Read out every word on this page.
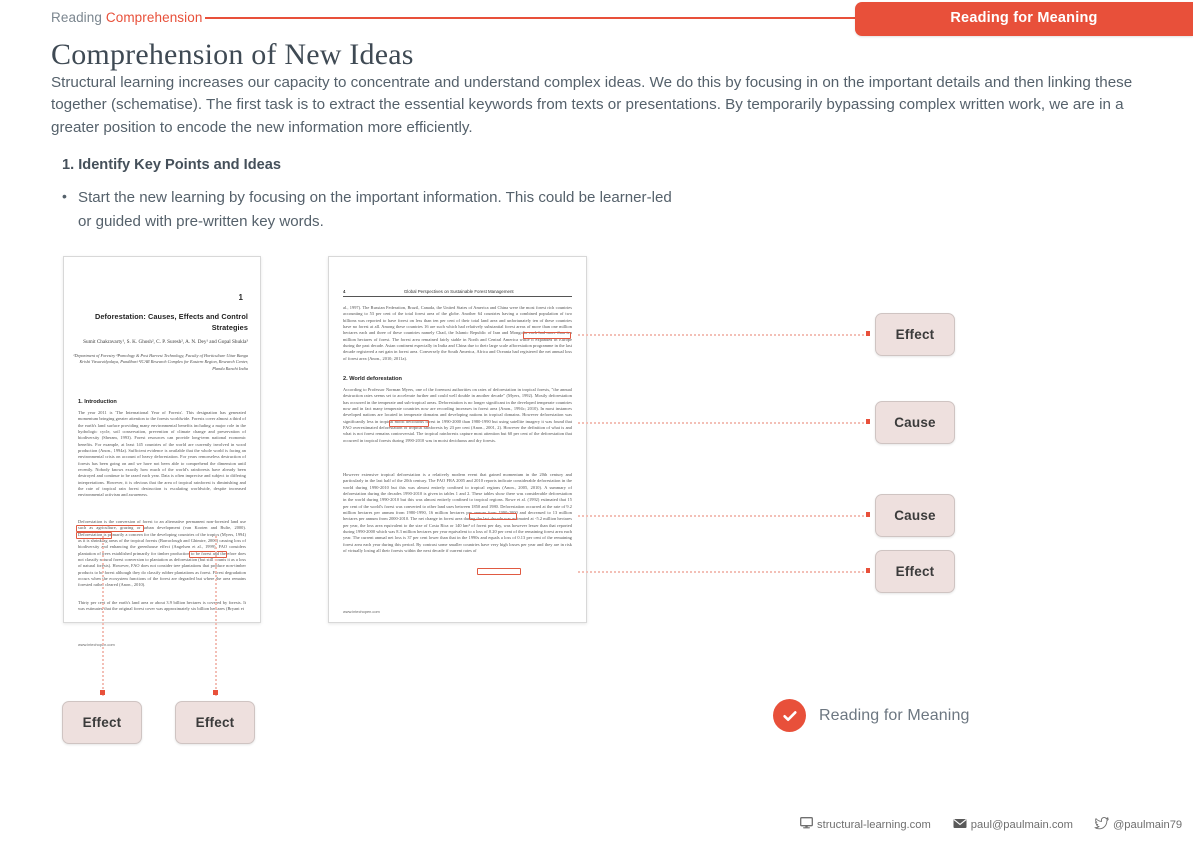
Reading Comprehension	Reading for Meaning
Comprehension of New Ideas
Structural learning increases our capacity to concentrate and understand complex ideas. We do this by focusing in on the important details and then linking these together (schematise). The first task is to extract the essential keywords from texts or presentations. By temporarily bypassing complex written work, we are in a greater position to encode the new information more efficiently.
1. Identify Key Points and Ideas
• Start the new learning by focusing on the important information. This could be learner-led or guided with pre-written key words.
1
Deforestation: Causes, Effects and Control Strategies
Sumit Chakravarty¹, S. K. Ghosh², C. P. Suresh², A. N. Dey¹ and Gopal Shukla³
¹Department of Forestry ²Pomology & Post Harvest Technology, Faculty of Horticulture Uttar Banga Krishi Viswavidyalaya, Pundibari ³ICAR Research Complex for Eastern Region, Research Center, Plandu Ranchi India
1. Introduction
The year 2011 is 'The International Year of Forests'. This designation has generated momentum bringing greater attention to the forests worldwide. Forests cover almost a third of the earth's land surface providing many environmental benefits including a major role in the hydrologic cycle, soil conservation, prevention of climate change and preservation of biodiversity (Sheram, 1993). Forest resources can provide long-term national economic benefits. For example, at least 145 countries of the world are currently involved in wood production (Anon., 1994a). Sufficient evidence is available that the whole world is facing an environmental crisis on account of heavy deforestation. For years remorseless destruction of forests has been going on and we have not been able to comprehend the dimension until recently. Nobody knows exactly how much of the world's rainforests have already been destroyed and continue to be razed each year. Data is often imprecise and subject to differing interpretations. However, it is obvious that the area of tropical rainforest is diminishing and the rate of tropical rain forest destruction is escalating worldwide, despite increased environmental activism and awareness.
Deforestation is the conversion of forest to an alternative permanent non-forested land use such as agriculture, grazing or urban development (van Kooten and Bulte, 2000). Deforestation is primarily a concern for the developing countries of the tropics (Myers, 1994) as it is shrinking areas of the tropical forests (Barraclough and Ghimire, 2000) causing loss of biodiversity and enhancing the greenhouse effect (Angelsen et al., 1999). FAO considers plantation of trees established primarily for timber production to be forest and therefore does not classify natural forest conversion to plantation as deforestation (but still counts it as a loss of natural forests). However, FAO does not consider tree plantations that produce non-timber products to be forest although they do classify rubber plantations as forest. Forest degradation occurs when the ecosystem functions of the forest are degraded but where the area remains forested rather cleared (Anon., 2010).
Thirty per cent of the earth's land area or about 3.9 billion hectares is covered by forests. It was estimated that the original forest cover was approximately six billion hectares (Bryant et
www.intechopen.com
4	Global Perspectives on Sustainable Forest Management
al., 1997). The Russian Federation, Brazil, Canada, the United States of America and China were the most forest rich countries accounting to 53 per cent of the total forest area of the globe. Another 64 countries having a combined population of two billions was reported to have forest on less than ten per cent of their total land area and unfortunately ten of these countries have no forest at all. Among these countries 16 are such which had relatively substantial forest areas of more than one million hectares each and three of these countries namely Chad, the Islamic Republic of Iran and Mongolia each had more than ten million hectares of forest. The forest area remained fairly stable in North and Central America while it expanded in Europe during the past decade. Asian continent especially in India and China due to their large scale afforestation programme in the last decade registered a net gain in forest area. Conversely the South America, Africa and Oceania had registered the net annual loss of forest area (Anon., 2010; 2011a).
2. World deforestation
According to Professor Norman Myers, one of the foremost authorities on rates of deforestation in tropical forests, "the annual destruction rates seems set to accelerate further and could well double in another decade" (Myers, 1992). Mostly deforestation has occurred in the temperate and sub-tropical areas. Deforestation is no longer significant in the developed temperate countries now and in fact many temperate countries now are recording increases in forest area (Anon., 1994c; 2010). In most instances developed nations are located in temperate domains and developing nations in tropical domains. However deforestation was significantly less in tropical moist deciduous forest in 1990-2000 than 1980-1990 but using satellite imagery it was found that FAO overestimated deforestation of tropical rainforests by 23 per cent (Anon., 2001, 2). However the definition of what is and what is not forest remains controversial. The tropical rainforests capture most attention but 60 per cent of the deforestation that occurred in tropical forests during 1990-2010 was in moist deciduous and dry forests.
However extensive tropical deforestation is a relatively modern event that gained momentum in the 20th century and particularly in the last half of the 20th century. The FAO FRA 2005 and 2010 reports indicate considerable deforestation in the world during 1990-2010 but this was almost entirely confined to tropical regions (Anon., 2005, 2010). A summary of deforestation during the decades 1990-2010 is given in tables 1 and 2. These tables show there was considerable deforestation in the world during 1990-2010 but this was almost entirely confined to tropical regions. Rowe et al. (1992) estimated that 15 per cent of the world's forest was converted to other land uses between 1850 and 1980. Deforestation occurred at the rate of 9.2 million hectares per annum from 1980-1990, 16 million hectares per annum from 1990-2000 and decreased to 13 million hectares per annum from 2000-2010. The net change in forest area during the last decade was estimated at -5.2 million hectares per year, the loss area equivalent to the size of Costa Rica or 140 km² of forest per day, was however lesser than that reported during 1990-2000 which was 8.3 million hectares per year equivalent to a loss of 0.20 per cent of the remaining forest area each year. The current annual net loss is 37 per cent lower than that in the 1990s and equals a loss of 0.13 per cent of the remaining forest area each year during this period. By contrast some smaller countries have very high losses per year and they are in risk of virtually losing all their forests within the next decade if current rates of
www.intechopen.com
Effect
Cause
Cause
Effect
Effect	Effect	Reading for Meaning
structural-learning.com	paul@paulmain.com	@paulmain79
